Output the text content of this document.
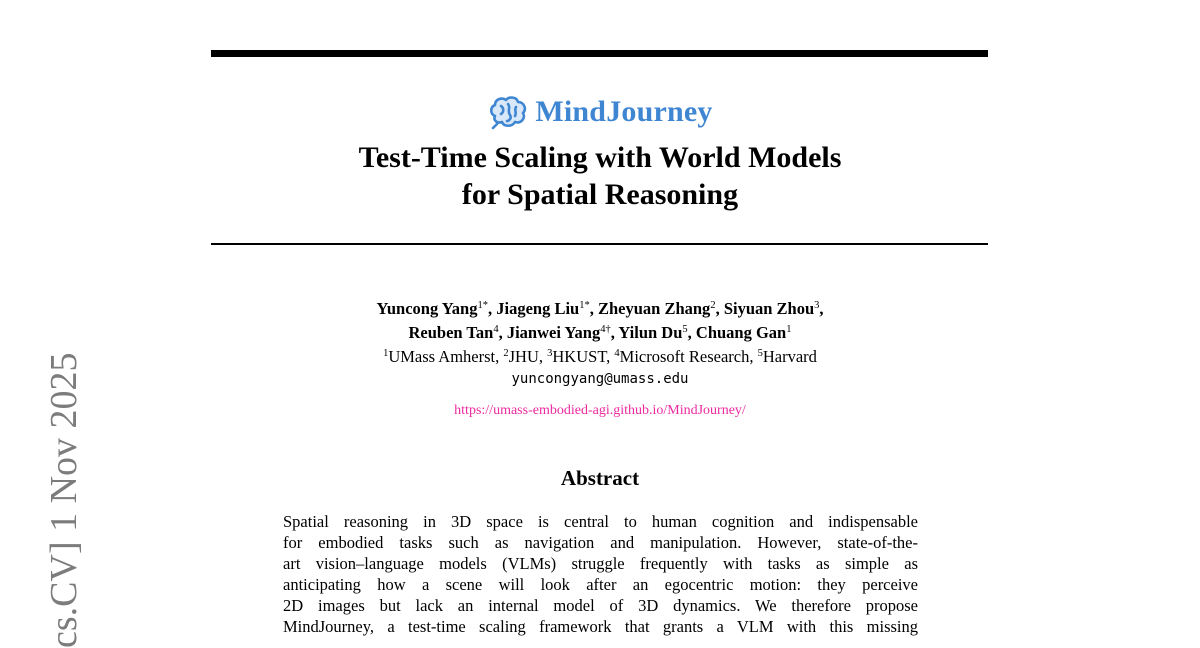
MindJourney
Test-Time Scaling with World Models
for Spatial Reasoning
Yuncong Yang$^{1*}$, Jiageng Liu$^{1*}$, Zheyuan Zhang$^2$, Siyuan Zhou$^3$,
Reuben Tan$^4$, Jianwei Yang$^{4\dagger}$, Yilun Du$^5$, Chuang Gan$^1$
$^1$UMass Amherst, $^2$JHU, $^3$HKUST, $^4$Microsoft Research, $^5$Harvard
yuncongyang@umass.edu
https://umass-embodied-agi.github.io/MindJourney/
Abstract
Spatial reasoning in 3D space is central to human cognition and indispensable
for embodied tasks such as navigation and manipulation. However, state-of-the-
art vision–language models (VLMs) struggle frequently with tasks as simple as
anticipating how a scene will look after an egocentric motion: they perceive
2D images but lack an internal model of 3D dynamics. We therefore propose
MindJourney, a test-time scaling framework that grants a VLM with this missing
cs.CV] 1 Nov 2025
